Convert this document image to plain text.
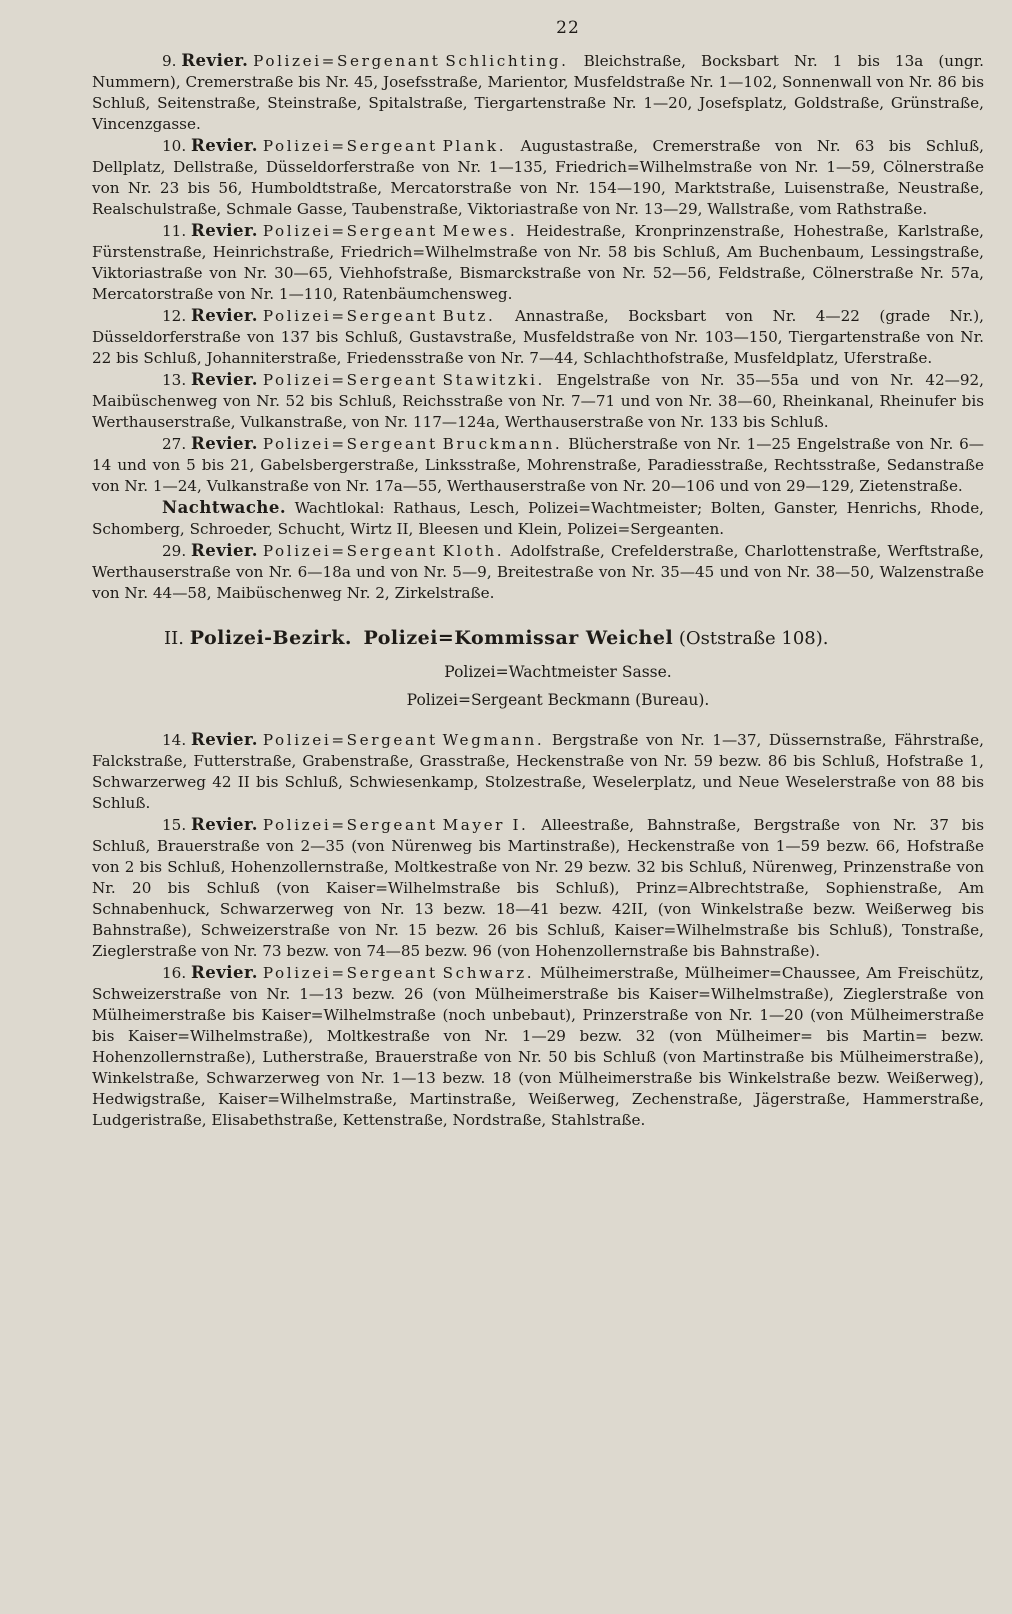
22

9. Revier. Polizei=Sergenant Schlichting. Bleichstraße, Bocksbart Nr. 1 bis 13a (ungr. Nummern), Cremerstraße bis Nr. 45, Josefsstraße, Marientor, Musfeldstraße Nr. 1—102, Sonnenwall von Nr. 86 bis Schluß, Seitenstraße, Steinstraße, Spitalstraße, Tiergartenstraße Nr. 1—20, Josefsplatz, Goldstraße, Grünstraße, Vincenzgasse.

10. Revier. Polizei=Sergeant Plank. Augustastraße, Cremerstraße von Nr. 63 bis Schluß, Dellplatz, Dellstraße, Düsseldorferstraße von Nr. 1—135, Friedrich=Wilhelmstraße von Nr. 1—59, Cölnerstraße von Nr. 23 bis 56, Humboldtstraße, Mercatorstraße von Nr. 154—190, Marktstraße, Luisenstraße, Neustraße, Realschulstraße, Schmale Gasse, Taubenstraße, Viktoriastraße von Nr. 13—29, Wallstraße, vom Rathstraße.

11. Revier. Polizei=Sergeant Mewes. Heidestraße, Kronprinzenstraße, Hohestraße, Karlstraße, Fürstenstraße, Heinrichstraße, Friedrich=Wilhelmstraße von Nr. 58 bis Schluß, Am Buchenbaum, Lessingstraße, Viktoriastraße von Nr. 30—65, Viehhofstraße, Bismarckstraße von Nr. 52—56, Feldstraße, Cölnerstraße Nr. 57a, Mercatorstraße von Nr. 1—110, Ratenbäumchensweg.

12. Revier. Polizei=Sergeant Butz. Annastraße, Bocksbart von Nr. 4—22 (grade Nr.), Düsseldorferstraße von 137 bis Schluß, Gustavstraße, Musfeldstraße von Nr. 103—150, Tiergartenstraße von Nr. 22 bis Schluß, Johanniterstraße, Friedensstraße von Nr. 7—44, Schlachthofstraße, Musfeldplatz, Uferstraße.

13. Revier. Polizei=Sergeant Stawitzki. Engelstraße von Nr. 35—55a und von Nr. 42—92, Maibüschenweg von Nr. 52 bis Schluß, Reichsstraße von Nr. 7—71 und von Nr. 38—60, Rheinkanal, Rheinufer bis Werthauserstraße, Vulkanstraße, von Nr. 117—124a, Werthauserstraße von Nr. 133 bis Schluß.

27. Revier. Polizei=Sergeant Bruckmann. Blücherstraße von Nr. 1—25 Engelstraße von Nr. 6—14 und von 5 bis 21, Gabelsbergerstraße, Linksstraße, Mohrenstraße, Paradiesstraße, Rechtsstraße, Sedanstraße von Nr. 1—24, Vulkanstraße von Nr. 17a—55, Werthauserstraße von Nr. 20—106 und von 29—129, Zietenstraße.

Nachtwache. Wachtlokal: Rathaus, Lesch, Polizei=Wachtmeister; Bolten, Ganster, Henrichs, Rhode, Schomberg, Schroeder, Schucht, Wirtz II, Bleesen und Klein, Polizei=Sergeanten.

29. Revier. Polizei=Sergeant Kloth. Adolfstraße, Crefelderstraße, Charlottenstraße, Werftstraße, Werthauserstraße von Nr. 6—18a und von Nr. 5—9, Breitestraße von Nr. 35—45 und von Nr. 38—50, Walzenstraße von Nr. 44—58, Maibüschenweg Nr. 2, Zirkelstraße.

II. Polizei-Bezirk. Polizei=Kommissar Weichel (Oststraße 108).
Polizei=Wachtmeister Sasse.
Polizei=Sergeant Beckmann (Bureau).

14. Revier. Polizei=Sergeant Wegmann. Bergstraße von Nr. 1—37, Düssernstraße, Fährstraße, Falckstraße, Futterstraße, Grabenstraße, Grasstraße, Heckenstraße von Nr. 59 bezw. 86 bis Schluß, Hofstraße 1, Schwarzerweg 42 II bis Schluß, Schwiesenkamp, Stolzestraße, Weselerplatz, und Neue Weselerstraße von 88 bis Schluß.

15. Revier. Polizei=Sergeant Mayer I. Alleestraße, Bahnstraße, Bergstraße von Nr. 37 bis Schluß, Brauerstraße von 2—35 (von Nürenweg bis Martinstraße), Heckenstraße von 1—59 bezw. 66, Hofstraße von 2 bis Schluß, Hohenzollernstraße, Moltkestraße von Nr. 29 bezw. 32 bis Schluß, Nürenweg, Prinzenstraße von Nr. 20 bis Schluß (von Kaiser=Wilhelmstraße bis Schluß), Prinz=Albrechtstraße, Sophienstraße, Am Schnabenhuck, Schwarzerweg von Nr. 13 bezw. 18—41 bezw. 42II, (von Winkelstraße bezw. Weißerweg bis Bahnstraße), Schweizerstraße von Nr. 15 bezw. 26 bis Schluß, Kaiser=Wilhelmstraße bis Schluß), Tonstraße, Zieglerstraße von Nr. 73 bezw. von 74—85 bezw. 96 (von Hohenzollernstraße bis Bahnstraße).

16. Revier. Polizei=Sergeant Schwarz. Mülheimerstraße, Mülheimer=Chaussee, Am Freischütz, Schweizerstraße von Nr. 1—13 bezw. 26 (von Mülheimerstraße bis Kaiser=Wilhelmstraße), Zieglerstraße von Mülheimerstraße bis Kaiser=Wilhelmstraße (noch unbebaut), Prinzerstraße von Nr. 1—20 (von Mülheimerstraße bis Kaiser=Wilhelmstraße), Moltkestraße von Nr. 1—29 bezw. 32 (von Mülheimer= bis Martin= bezw. Hohenzollernstraße), Lutherstraße, Brauerstraße von Nr. 50 bis Schluß (von Martinstraße bis Mülheimerstraße), Winkelstraße, Schwarzerweg von Nr. 1—13 bezw. 18 (von Mülheimerstraße bis Winkelstraße bezw. Weißerweg), Hedwigstraße, Kaiser=Wilhelmstraße, Martinstraße, Weißerweg, Zechenstraße, Jägerstraße, Hammerstraße, Ludgeristraße, Elisabethstraße, Kettenstraße, Nordstraße, Stahlstraße.
